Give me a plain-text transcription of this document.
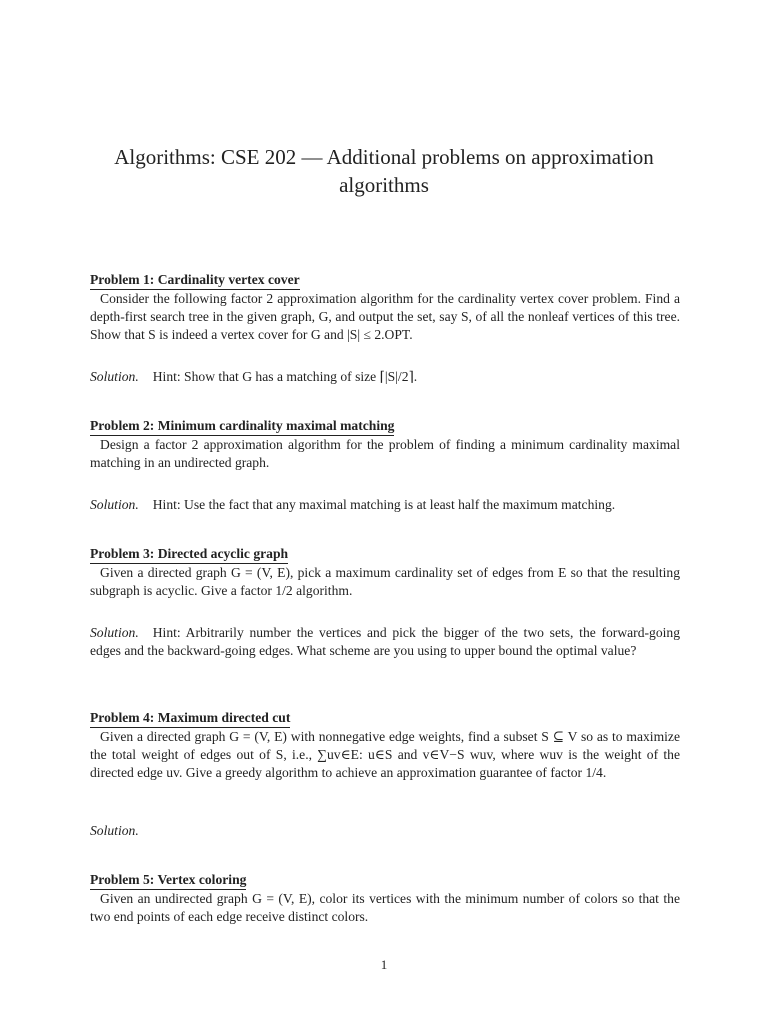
Algorithms: CSE 202 — Additional problems on approximation algorithms
Problem 1: Cardinality vertex cover

Consider the following factor 2 approximation algorithm for the cardinality vertex cover problem. Find a depth-first search tree in the given graph, G, and output the set, say S, of all the nonleaf vertices of this tree. Show that S is indeed a vertex cover for G and |S| ≤ 2.OPT.

Solution. Hint: Show that G has a matching of size ⌈|S|/2⌉.
Problem 2: Minimum cardinality maximal matching

Design a factor 2 approximation algorithm for the problem of finding a minimum cardinality maximal matching in an undirected graph.

Solution. Hint: Use the fact that any maximal matching is at least half the maximum matching.
Problem 3: Directed acyclic graph

Given a directed graph G = (V, E), pick a maximum cardinality set of edges from E so that the resulting subgraph is acyclic. Give a factor 1/2 algorithm.

Solution. Hint: Arbitrarily number the vertices and pick the bigger of the two sets, the forward-going edges and the backward-going edges. What scheme are you using to upper bound the optimal value?
Problem 4: Maximum directed cut

Given a directed graph G = (V, E) with nonnegative edge weights, find a subset S ⊆ V so as to maximize the total weight of edges out of S, i.e., ∑uv∈E: u∈S and v∈V−S wuv, where wuv is the weight of the directed edge uv. Give a greedy algorithm to achieve an approximation guarantee of factor 1/4.

Solution.
Problem 5: Vertex coloring

Given an undirected graph G = (V, E), color its vertices with the minimum number of colors so that the two end points of each edge receive distinct colors.

1
